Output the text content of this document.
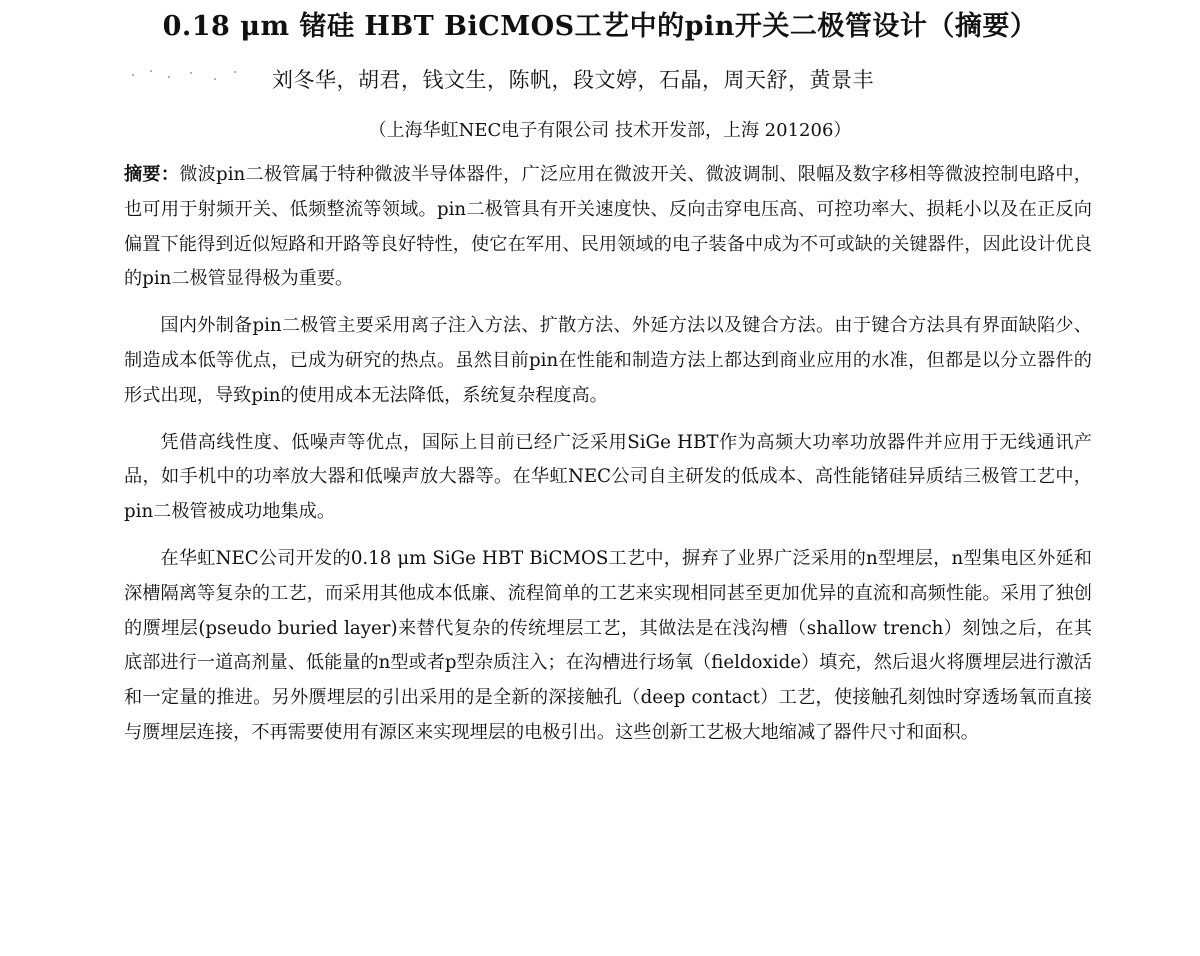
0.18 μm 锗硅 HBT BiCMOS工艺中的pin开关二极管设计（摘要）
刘冬华，胡君，钱文生，陈帆，段文婷，石晶，周天舒，黄景丰
（上海华虹NEC电子有限公司 技术开发部，上海 201206）

摘要：微波pin二极管属于特种微波半导体器件，广泛应用在微波开关、微波调制、限幅及数字移相等微波控制电路中，也可用于射频开关、低频整流等领域。pin二极管具有开关速度快、反向击穿电压高、可控功率大、损耗小以及在正反向偏置下能得到近似短路和开路等良好特性，使它在军用、民用领域的电子装备中成为不可或缺的关键器件，因此设计优良的pin二极管显得极为重要。

国内外制备pin二极管主要采用离子注入方法、扩散方法、外延方法以及键合方法。由于键合方法具有界面缺陷少、制造成本低等优点，已成为研究的热点。虽然目前pin在性能和制造方法上都达到商业应用的水准，但都是以分立器件的形式出现，导致pin的使用成本无法降低，系统复杂程度高。

凭借高线性度、低噪声等优点，国际上目前已经广泛采用SiGe HBT作为高频大功率功放器件并应用于无线通讯产品，如手机中的功率放大器和低噪声放大器等。在华虹NEC公司自主研发的低成本、高性能锗硅异质结三极管工艺中，pin二极管被成功地集成。

在华虹NEC公司开发的0.18 μm SiGe HBT BiCMOS工艺中，摒弃了业界广泛采用的n型埋层，n型集电区外延和深槽隔离等复杂的工艺，而采用其他成本低廉、流程简单的工艺来实现相同甚至更加优异的直流和高频性能。采用了独创的赝埋层(pseudo buried layer)来替代复杂的传统埋层工艺，其做法是在浅沟槽（shallow trench）刻蚀之后，在其底部进行一道高剂量、低能量的n型或者p型杂质注入；在沟槽进行场氧（fieldoxide）填充，然后退火将赝埋层进行激活和一定量的推进。另外赝埋层的引出采用的是全新的深接触孔（deep contact）工艺，使接触孔刻蚀时穿透场氧而直接与赝埋层连接，不再需要使用有源区来实现埋层的电极引出。这些创新工艺极大地缩减了器件尺寸和面积。
